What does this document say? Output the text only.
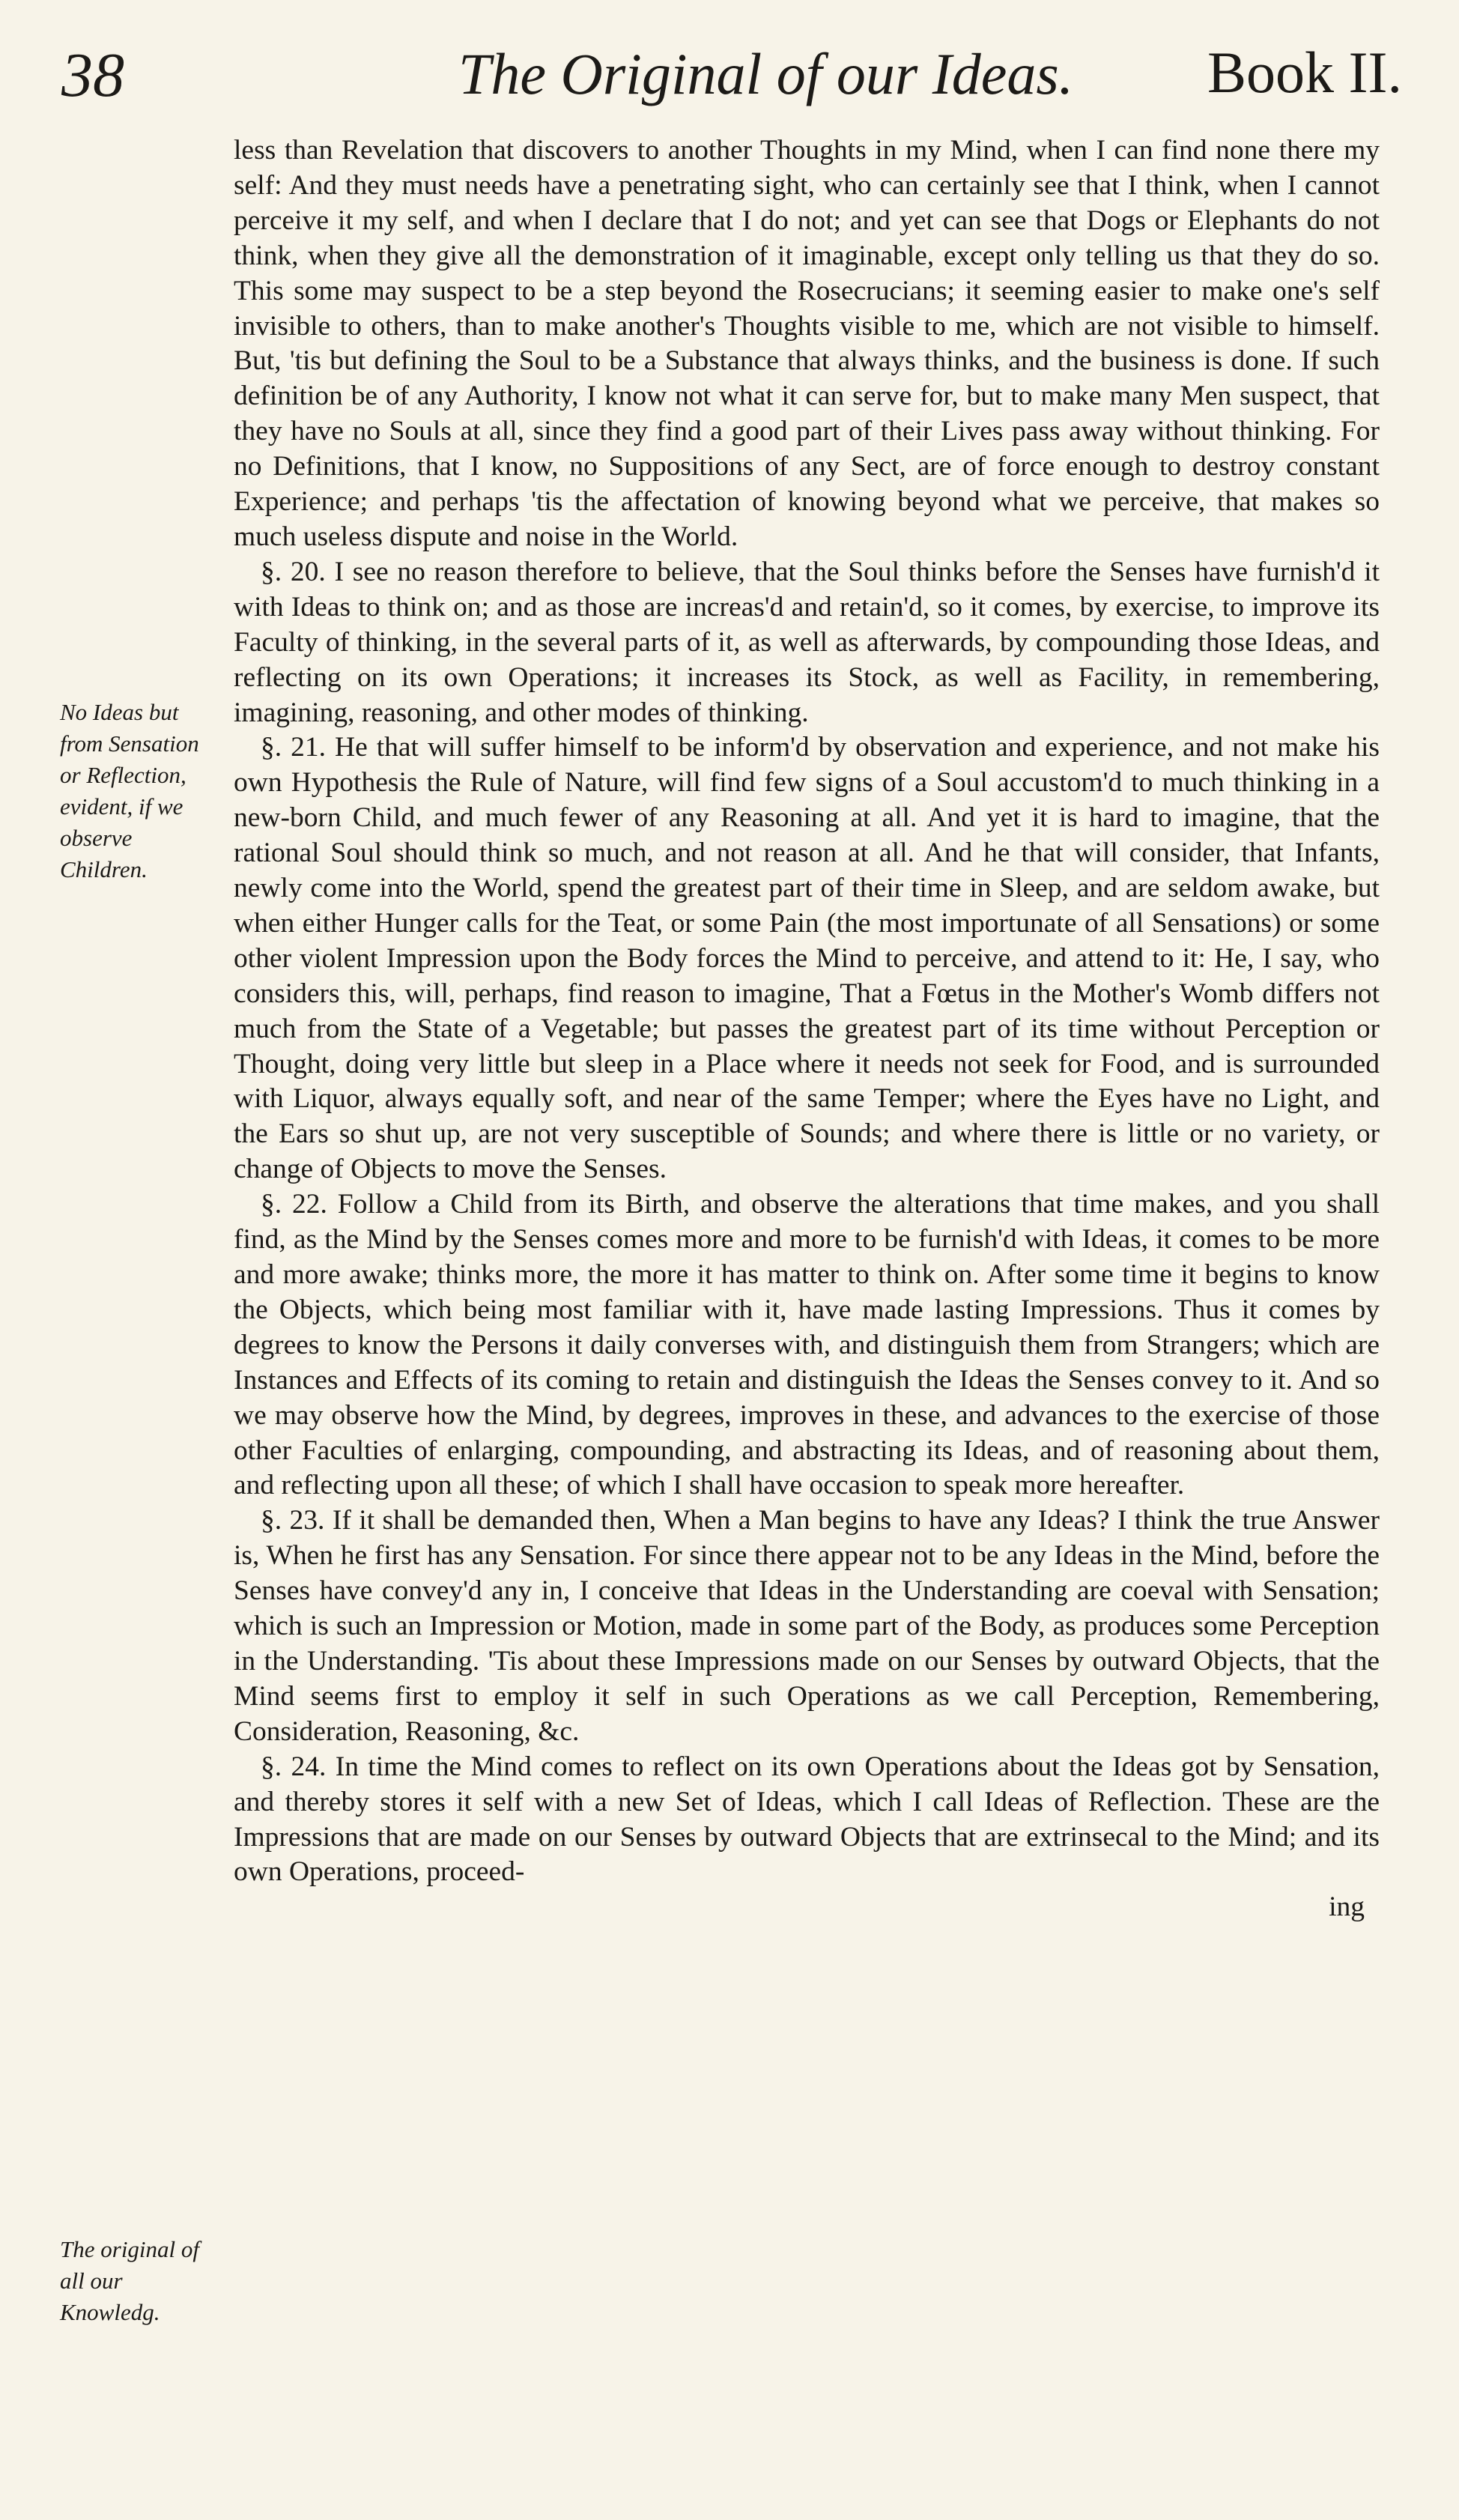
38	The Original of our Ideas. Book II.
No Ideas but from Sensation or Reflection, evident, if we observe Children.
The original of all our Knowledg.

less than Revelation that discovers to another Thoughts in my Mind, when I can find none there my self: And they must needs have a penetrating sight, who can certainly see that I think, when I cannot perceive it my self, and when I declare that I do not; and yet can see that Dogs or Elephants do not think, when they give all the demonstration of it imaginable, except only telling us that they do so. This some may suspect to be a step beyond the Rosecrucians; it seeming easier to make one's self invisible to others, than to make another's Thoughts visible to me, which are not visible to himself. But, 'tis but defining the Soul to be a Substance that always thinks, and the business is done. If such definition be of any Authority, I know not what it can serve for, but to make many Men suspect, that they have no Souls at all, since they find a good part of their Lives pass away without thinking. For no Definitions, that I know, no Suppositions of any Sect, are of force enough to destroy constant Experience; and perhaps 'tis the affectation of knowing beyond what we perceive, that makes so much useless dispute and noise in the World.

§. 20. I see no reason therefore to believe, that the Soul thinks before the Senses have furnish'd it with Ideas to think on; and as those are increas'd and retain'd, so it comes, by exercise, to improve its Faculty of thinking, in the several parts of it, as well as afterwards, by compounding those Ideas, and reflecting on its own Operations; it increases its Stock, as well as Facility, in remembering, imagining, reasoning, and other modes of thinking.

§. 21. He that will suffer himself to be inform'd by observation and experience, and not make his own Hypothesis the Rule of Nature, will find few signs of a Soul accustom'd to much thinking in a new-born Child, and much fewer of any Reasoning at all. And yet it is hard to imagine, that the rational Soul should think so much, and not reason at all. And he that will consider, that Infants, newly come into the World, spend the greatest part of their time in Sleep, and are seldom awake, but when either Hunger calls for the Teat, or some Pain (the most importunate of all Sensations) or some other violent Impression upon the Body forces the Mind to perceive, and attend to it: He, I say, who considers this, will, perhaps, find reason to imagine, That a Fœtus in the Mother's Womb differs not much from the State of a Vegetable; but passes the greatest part of its time without Perception or Thought, doing very little but sleep in a Place where it needs not seek for Food, and is surrounded with Liquor, always equally soft, and near of the same Temper; where the Eyes have no Light, and the Ears so shut up, are not very susceptible of Sounds; and where there is little or no variety, or change of Objects to move the Senses.

§. 22. Follow a Child from its Birth, and observe the alterations that time makes, and you shall find, as the Mind by the Senses comes more and more to be furnish'd with Ideas, it comes to be more and more awake; thinks more, the more it has matter to think on. After some time it begins to know the Objects, which being most familiar with it, have made lasting Impressions. Thus it comes by degrees to know the Persons it daily converses with, and distinguish them from Strangers; which are Instances and Effects of its coming to retain and distinguish the Ideas the Senses convey to it. And so we may observe how the Mind, by degrees, improves in these, and advances to the exercise of those other Faculties of enlarging, compounding, and abstracting its Ideas, and of reasoning about them, and reflecting upon all these; of which I shall have occasion to speak more hereafter.

§. 23. If it shall be demanded then, When a Man begins to have any Ideas? I think the true Answer is, When he first has any Sensation. For since there appear not to be any Ideas in the Mind, before the Senses have convey'd any in, I conceive that Ideas in the Understanding are coeval with Sensation; which is such an Impression or Motion, made in some part of the Body, as produces some Perception in the Understanding. 'Tis about these Impressions made on our Senses by outward Objects, that the Mind seems first to employ it self in such Operations as we call Perception, Remembering, Consideration, Reasoning, &c.

§. 24. In time the Mind comes to reflect on its own Operations about the Ideas got by Sensation, and thereby stores it self with a new Set of Ideas, which I call Ideas of Reflection. These are the Impressions that are made on our Senses by outward Objects that are extrinsecal to the Mind; and its own Operations, proceed-

ing
